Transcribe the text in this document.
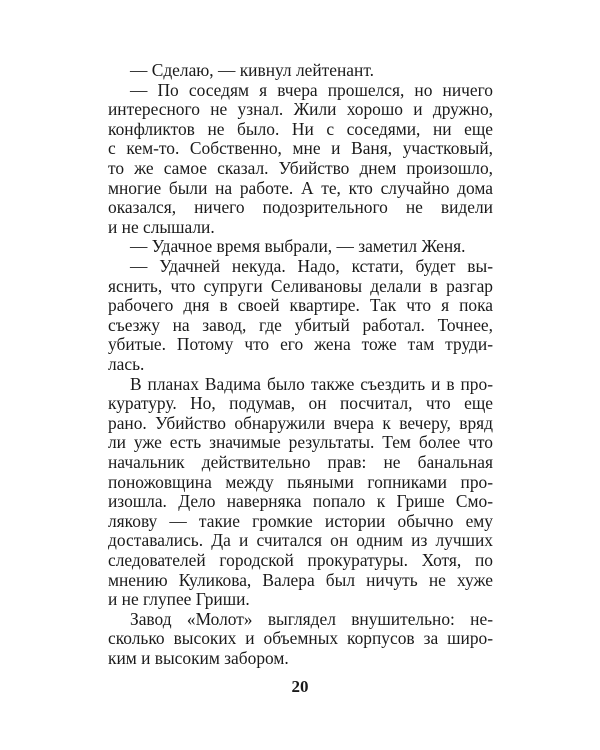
— Сделаю, — кивнул лейтенант.
— По соседям я вчера прошелся, но ничего
интересного не узнал. Жили хорошо и дружно,
конфликтов не было. Ни с соседями, ни еще
с кем-то. Собственно, мне и Ваня, участковый,
то же самое сказал. Убийство днем произошло,
многие были на работе. А те, кто случайно дома
оказался, ничего подозрительного не видели
и не слышали.
— Удачное время выбрали, — заметил Женя.
— Удачней некуда. Надо, кстати, будет вы-
яснить, что супруги Селивановы делали в разгар
рабочего дня в своей квартире. Так что я пока
съезжу на завод, где убитый работал. Точнее,
убитые. Потому что его жена тоже там труди-
лась.
В планах Вадима было также съездить и в про-
куратуру. Но, подумав, он посчитал, что еще
рано. Убийство обнаружили вчера к вечеру, вряд
ли уже есть значимые результаты. Тем более что
начальник действительно прав: не банальная
поножовщина между пьяными гопниками про-
изошла. Дело наверняка попало к Грише Смо-
лякову — такие громкие истории обычно ему
доставались. Да и считался он одним из лучших
следователей городской прокуратуры. Хотя, по
мнению Куликова, Валера был ничуть не хуже
и не глупее Гриши.
Завод «Молот» выглядел внушительно: не-
сколько высоких и объемных корпусов за широ-
ким и высоким забором.
20
